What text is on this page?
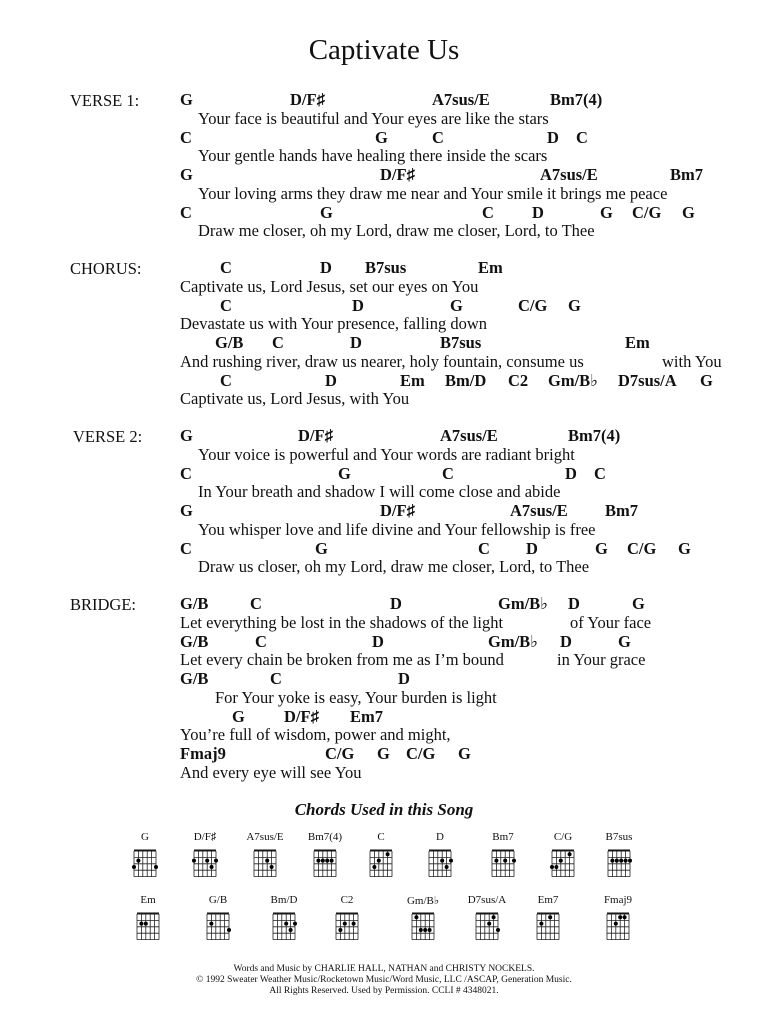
Captivate Us
VERSE 1: G	D/F♯	A7sus/E	Bm7(4)
Your face is beautiful and Your eyes are like the stars
C	G	C	D C
Your gentle hands have healing there inside the scars
G	D/F♯	A7sus/E	Bm7
Your loving arms they draw me near and Your smile it brings me peace
C	G	C D	G C/G G
Draw me closer, oh my Lord, draw me closer, Lord, to Thee
CHORUS:	C	D B7sus	Em
Captivate us, Lord Jesus, set our eyes on You
C	D	G	C/G G
Devastate us with Your presence, falling down
G/B C	D	B7sus	Em
And rushing river, draw us nearer, holy fountain, consume us	with You
C	D	Em Bm/D C2 Gm/B♭ D7sus/A G
Captivate us, Lord Jesus, with You
VERSE 2: G	D/F♯	A7sus/E	Bm7(4)
Your voice is powerful and Your words are radiant bright
C	G	C	D C
In Your breath and shadow I will come close and abide
G	D/F♯	A7sus/E Bm7
You whisper love and life divine and Your fellowship is free
C	G	C D	G C/G G
Draw us closer, oh my Lord, draw me closer, Lord, to Thee
BRIDGE:	G/B	C	D	Gm/B♭ D	G
Let everything be lost in the shadows of the light	of Your face
G/B	C	D	Gm/B♭ D	G
Let every chain be broken from me as I’m bound	in Your grace
G/B	C	D
For Your yoke is easy, Your burden is light
G D/F♯ Em7
You’re full of wisdom, power and might,
Fmaj9	C/G G C/G G
And every eye will see You
Chords Used in this Song
G	D/F♯	A7sus/E	Bm7(4)	C	D	Bm7	C/G	B7sus
Em	G/B	Bm/D	C2	Gm/B♭	D7sus/A	Em7	Fmaj9
Words and Music by CHARLIE HALL, NATHAN and CHRISTY NOCKELS.
© 1992 Sweater Weather Music/Rocketown Music/Word Music, LLC /ASCAP, Generation Music.
All Rights Reserved. Used by Permission. CCLI # 4348021.
